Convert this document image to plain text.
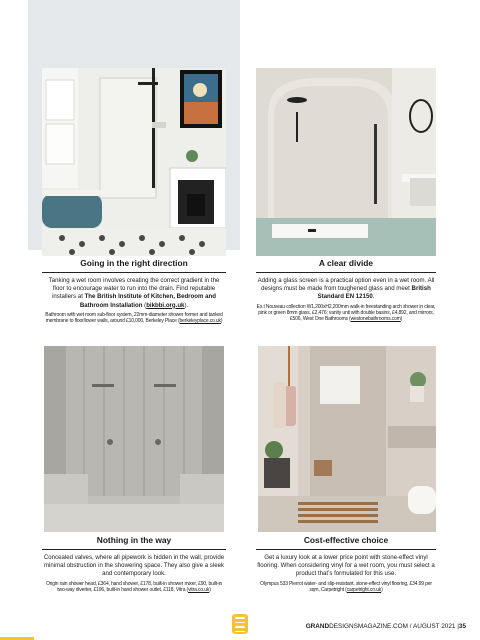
Going in the right direction

Tanking a wet room involves creating the correct gradient in the floor to encourage water to run into the drain. Find reputable installers at The British Institute of Kitchen, Bedroom and Bathroom Installation (bikbbi.org.uk).

Bathroom with wet room sub-floor system, 22mm-diameter shower former and tanked membrane to floor/lower walls, around £10,000, Berkeley Place (berkeleyplace.co.uk)

A clear divide

Adding a glass screen is a practical option even in a wet room. All designs must be made from toughened glass and meet British Standard EN 12150.

Ex.t Nouveau collection W1,200xH2,200mm walk-in freestanding arch shower in clear, pink or green 8mm glass, £2,476; vanity unit with double basins, £4,892, and mirrors, £506, West One Bathrooms (westonebathrooms.com)

Nothing in the way

Concealed valves, where all pipework is hidden in the wall, provide minimal obstruction in the showering space. They also give a sleek and contemporary look.

Origin rain shower head, £364, hand shower, £178, built-in shower mixer, £90, built-in two-way diverter, £196, built-in hand shower outlet, £118, Vitra (vitra.co.uk)

Cost-effective choice

Get a luxury look at a lower price point with stone-effect vinyl flooring. When considering vinyl for a wet room, you must select a product that’s formulated for this use.

Olympus 533 Pierrot water- and slip-resistant, stone-effect vinyl flooring, £34.99 per sqm, Carpetright (carpetright.co.uk)

GRANDDESIGNSMAGAZINE.COM / AUGUST 2021 |35
